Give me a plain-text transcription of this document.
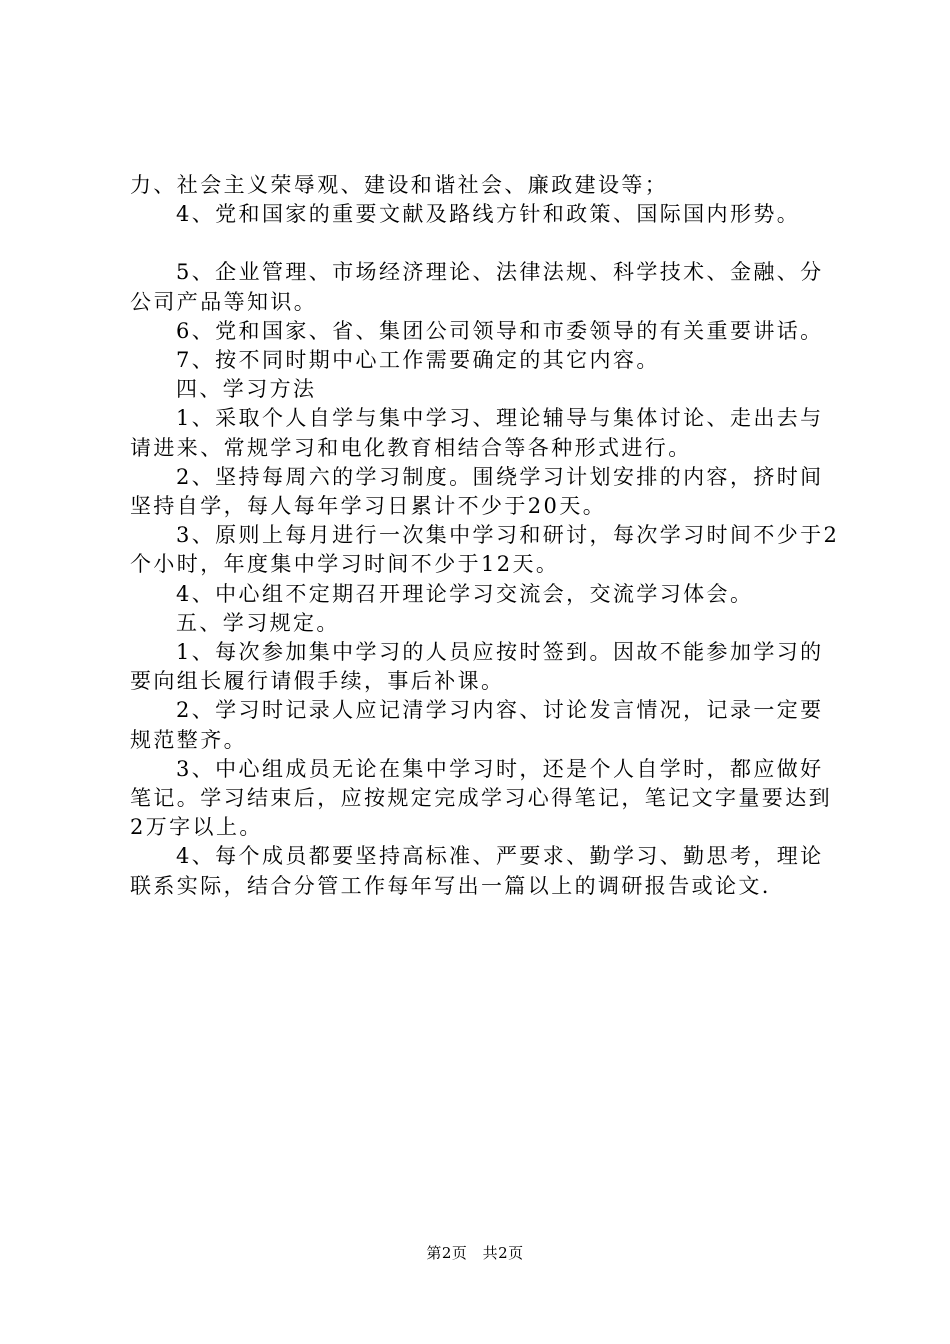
力、社会主义荣辱观、建设和谐社会、廉政建设等；

4、党和国家的重要文献及路线方针和政策、国际国内形势。

5、企业管理、市场经济理论、法律法规、科学技术、金融、分公司产品等知识。

6、党和国家、省、集团公司领导和市委领导的有关重要讲话。

7、按不同时期中心工作需要确定的其它内容。

四、学习方法

1、采取个人自学与集中学习、理论辅导与集体讨论、走出去与请进来、常规学习和电化教育相结合等各种形式进行。

2、坚持每周六的学习制度。围绕学习计划安排的内容，挤时间坚持自学，每人每年学习日累计不少于20天。

3、原则上每月进行一次集中学习和研讨，每次学习时间不少于2个小时，年度集中学习时间不少于12天。

4、中心组不定期召开理论学习交流会，交流学习体会。

五、学习规定。

1、每次参加集中学习的人员应按时签到。因故不能参加学习的要向组长履行请假手续，事后补课。

2、学习时记录人应记清学习内容、讨论发言情况，记录一定要规范整齐。

3、中心组成员无论在集中学习时，还是个人自学时，都应做好笔记。学习结束后，应按规定完成学习心得笔记，笔记文字量要达到2万字以上。

4、每个成员都要坚持高标准、严要求、勤学习、勤思考，理论联系实际，结合分管工作每年写出一篇以上的调研报告或论文.

第2页 共2页
